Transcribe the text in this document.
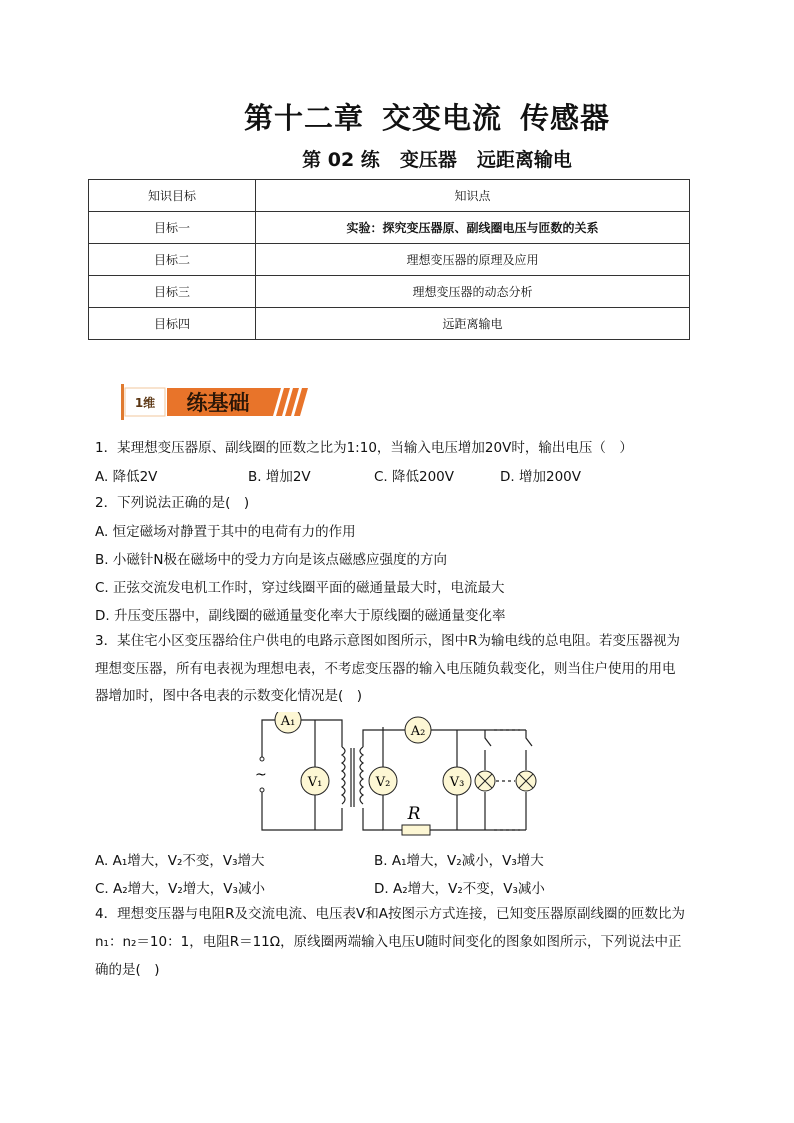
第十二章 交变电流 传感器
第 02 练 变压器 远距离输电
知识目标	知识点
目标一	实验：探究变压器原、副线圈电压与匝数的关系
目标二	理想变压器的原理及应用
目标三	理想变压器的动态分析
目标四	远距离输电
1维 练基础
1．某理想变压器原、副线圈的匝数之比为1:10，当输入电压增加20V时，输出电压（　）
A. 降低2V	B. 增加2V	C. 降低200V	D. 增加200V
2．下列说法正确的是(　)
A. 恒定磁场对静置于其中的电荷有力的作用
B. 小磁针N极在磁场中的受力方向是该点磁感应强度的方向
C. 正弦交流发电机工作时，穿过线圈平面的磁通量最大时，电流最大
D. 升压变压器中，副线圈的磁通量变化率大于原线圈的磁通量变化率
3．某住宅小区变压器给住户供电的电路示意图如图所示，图中R为输电线的总电阻。若变压器视为
理想变压器，所有电表视为理想电表，不考虑变压器的输入电压随负载变化，则当住户使用的用电
器增加时，图中各电表的示数变化情况是(　)
~
A₁
V₁	V₂
A₂
V₃
R
A. A₁增大，V₂不变，V₃增大	B. A₁增大，V₂减小，V₃增大
C. A₂增大，V₂增大，V₃减小	D. A₂增大，V₂不变，V₃减小
4．理想变压器与电阻R及交流电流、电压表V和A按图示方式连接，已知变压器原副线圈的匝数比为
n₁：n₂＝10：1，电阻R＝11Ω，原线圈两端输入电压U随时间变化的图象如图所示，下列说法中正
确的是(　)
